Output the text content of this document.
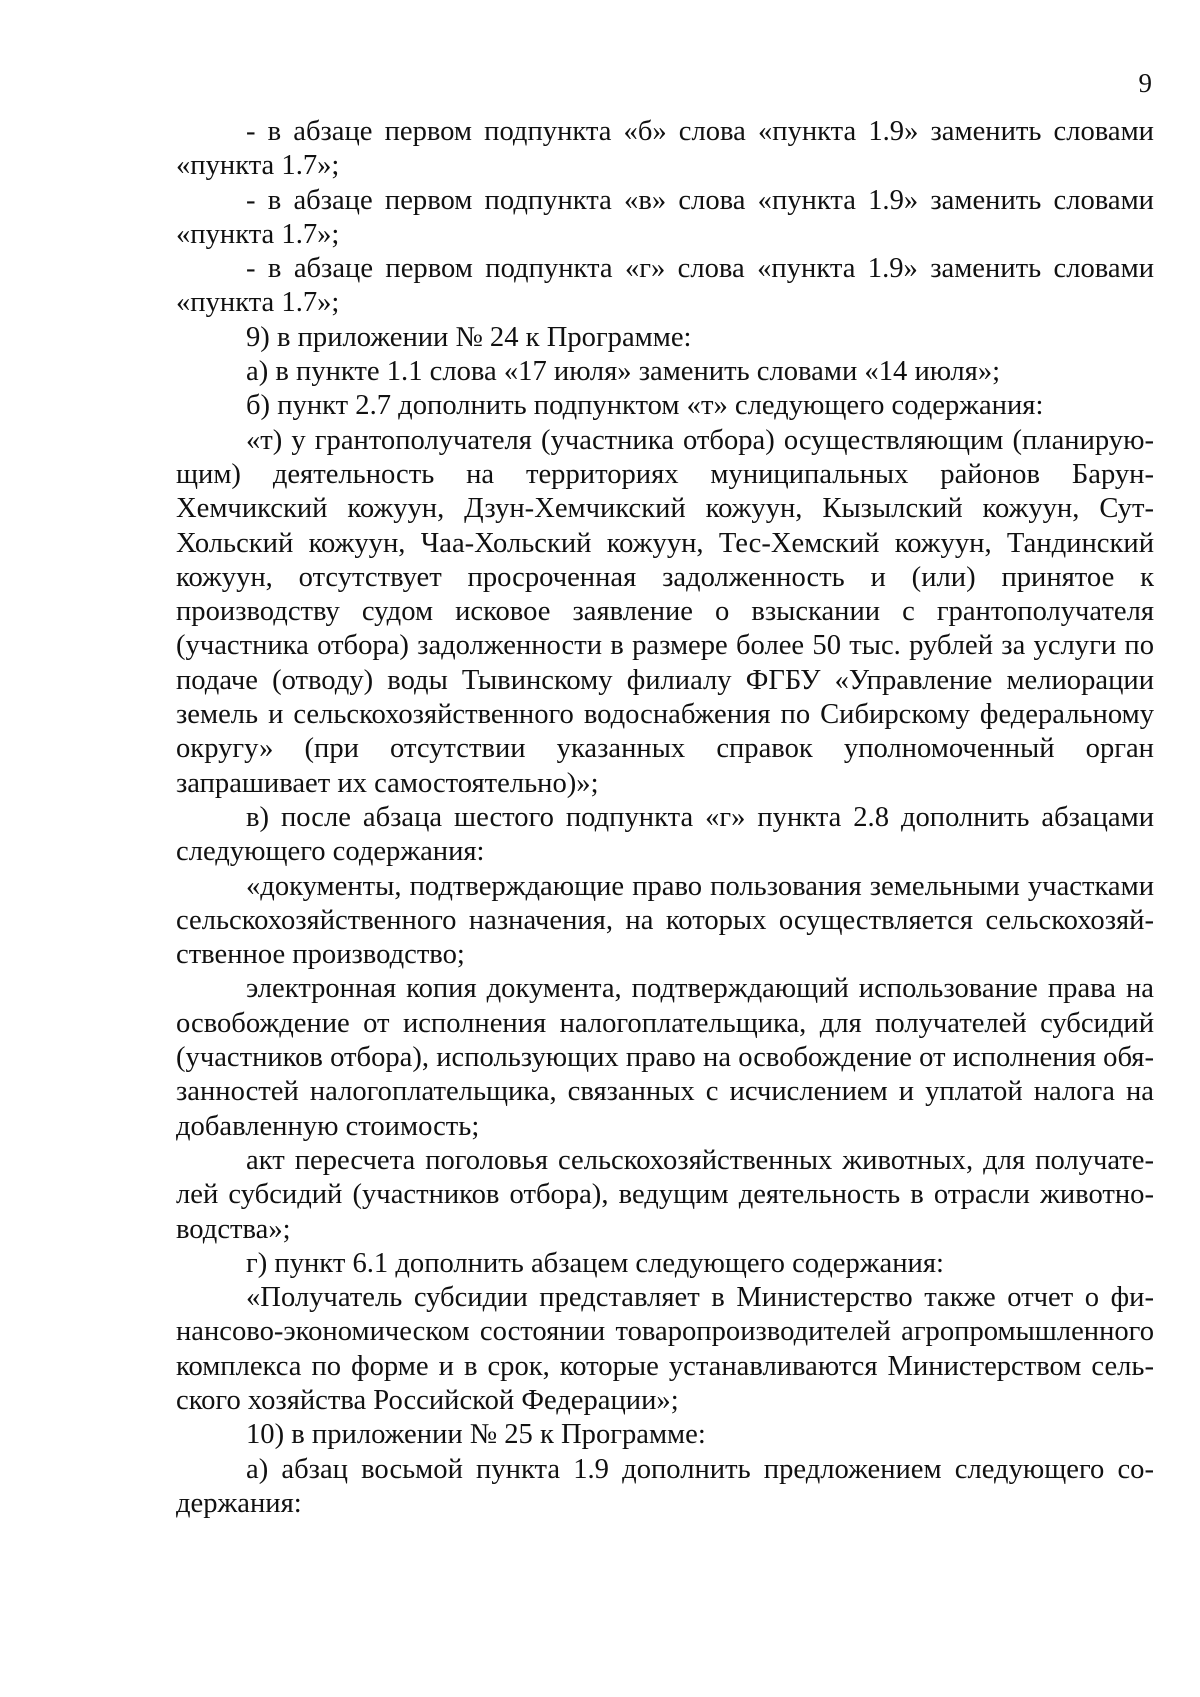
9

- в абзаце первом подпункта «б» слова «пункта 1.9» заменить словами «пункта 1.7»;

- в абзаце первом подпункта «в» слова «пункта 1.9» заменить словами «пункта 1.7»;

- в абзаце первом подпункта «г» слова «пункта 1.9» заменить словами «пункта 1.7»;

9) в приложении № 24 к Программе:

а) в пункте 1.1 слова «17 июля» заменить словами «14 июля»;

б) пункт 2.7 дополнить подпунктом «т» следующего содержания:

«т) у грантополучателя (участника отбора) осуществляющим (планирующим) деятельность на территориях муниципальных районов Барун-Хемчикский кожуун, Дзун-Хемчикский кожуун, Кызылский кожуун, Сут-Хольский кожуун, Чаа-Хольский кожуун, Тес-Хемский кожуун, Тандинский кожуун, отсутствует просроченная задолженность и (или) принятое к производству судом исковое заявление о взыскании с грантополучателя (участника отбора) задолженности в размере более 50 тыс. рублей за услуги по подаче (отводу) воды Тывинскому филиалу ФГБУ «Управление мелиорации земель и сельскохозяйственного водоснабжения по Сибирскому федеральному округу» (при отсутствии указанных справок уполномоченный орган запрашивает их самостоятельно)»;

в) после абзаца шестого подпункта «г» пункта 2.8 дополнить абзацами следующего содержания:

«документы, подтверждающие право пользования земельными участками сельскохозяйственного назначения, на которых осуществляется сельскохозяйственное производство;

электронная копия документа, подтверждающий использование права на освобождение от исполнения налогоплательщика, для получателей субсидий (участников отбора), использующих право на освобождение от исполнения обязанностей налогоплательщика, связанных с исчислением и уплатой налога на добавленную стоимость;

акт пересчета поголовья сельскохозяйственных животных, для получателей субсидий (участников отбора), ведущим деятельность в отрасли животноводства»;

г) пункт 6.1 дополнить абзацем следующего содержания:

«Получатель субсидии представляет в Министерство также отчет о финансово-экономическом состоянии товаропроизводителей агропромышленного комплекса по форме и в срок, которые устанавливаются Министерством сельского хозяйства Российской Федерации»;

10) в приложении № 25 к Программе:

а) абзац восьмой пункта 1.9 дополнить предложением следующего содержания:
